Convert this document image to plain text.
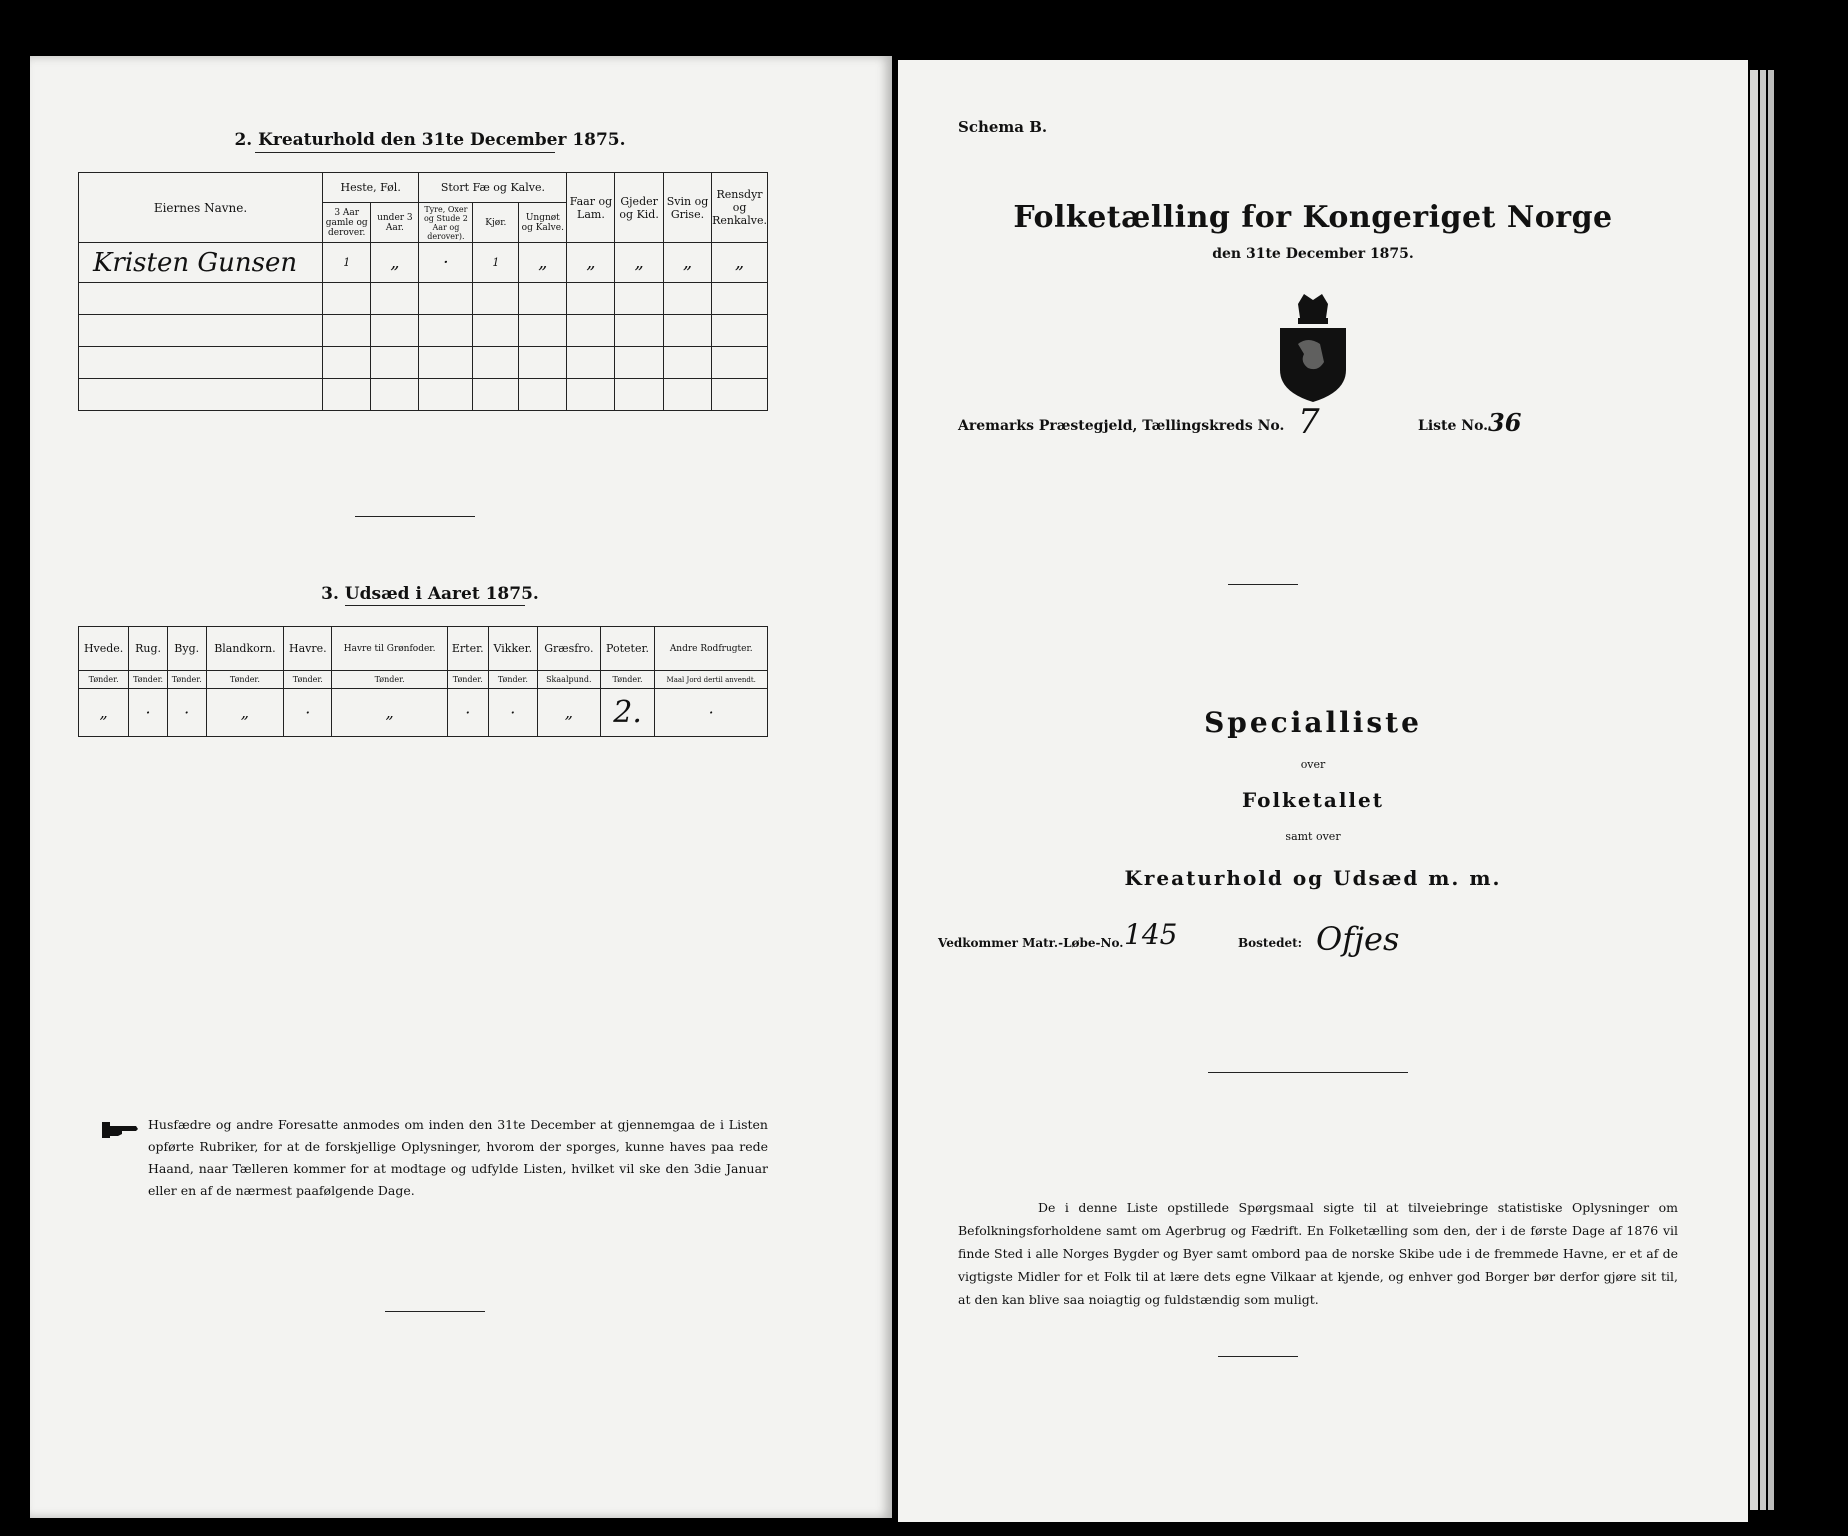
2. Kreaturhold den 31te December 1875.
Eiernes Navne.	Heste, Føl.		Stort Fæ og Kalve.			Faar og Lam.	Gjeder og Kid.	Svin og Grise.	Rensdyr og Renkalve.
	3 Aar gamle og derover.	under 3 Aar.	Tyre, Oxer og Stude 2 Aar og derover).	Kjør.	Ungnøt og Kalve.				
Kristen Gunsen	1	„	·	1	„	„	„	„	„

3. Udsæd i Aaret 1875.
Hvede.	Rug.	Byg.	Blandkorn.	Havre.	Havre til Grønfoder.	Erter.	Vikker.	Græsfro.	Poteter.	Andre Rodfrugter.
Tønder.	Tønder.	Tønder.	Tønder.	Tønder.	Tønder.	Tønder.	Tønder.	Skaalpund.	Tønder.	Maal Jord dertil anvendt.
„	·	·	„	·	„	·	·	„	2.	·
Husfædre og andre Foresatte anmodes om inden den 31te December at gjennemgaa de i Listen opførte Rubriker, for at de forskjellige Oplysninger, hvorom der sporges, kunne haves paa rede Haand, naar Tælleren kommer for at modtage og udfylde Listen, hvilket vil ske den 3die Januar eller en af de nærmest paafølgende Dage.
Schema B.
Folketælling for Kongeriget Norge
den 31te December 1875.
Aremarks Præstegjeld, Tællingskreds No. 7	Liste No. 36
Specialliste
over
Folketallet
samt over
Kreaturhold og Udsæd m. m.
Vedkommer Matr.-Løbe-No. 145	Bostedet: Ofjes
De i denne Liste opstillede Spørgsmaal sigte til at tilveiebringe statistiske Oplysninger om Befolkningsforholdene samt om Agerbrug og Fædrift. En Folketælling som den, der i de første Dage af 1876 vil finde Sted i alle Norges Bygder og Byer samt ombord paa de norske Skibe ude i de fremmede Havne, er et af de vigtigste Midler for et Folk til at lære dets egne Vilkaar at kjende, og enhver god Borger bør derfor gjøre sit til, at den kan blive saa noiagtig og fuldstændig som muligt.
